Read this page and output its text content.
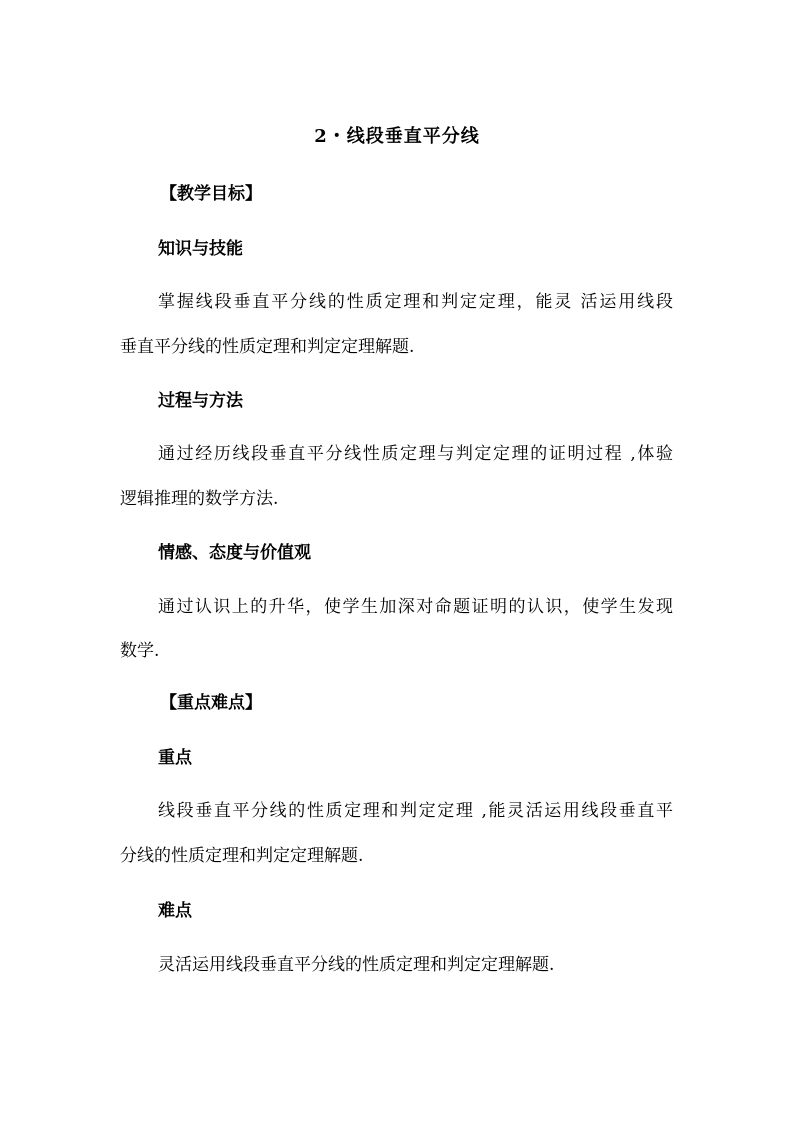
2・线段垂直平分线
【教学目标】
知识与技能
掌握线段垂直平分线的性质定理和判定定理，能灵 活运用线段
垂直平分线的性质定理和判定定理解题.
过程与方法
通过经历线段垂直平分线性质定理与判定定理的证明过程 ,体验
逻辑推理的数学方法.
情感、态度与价值观
通过认识上的升华，使学生加深对命题证明的认识，使学生发现
数学.
【重点难点】
重点
线段垂直平分线的性质定理和判定定理 ,能灵活运用线段垂直平
分线的性质定理和判定定理解题.
难点
灵活运用线段垂直平分线的性质定理和判定定理解题.
